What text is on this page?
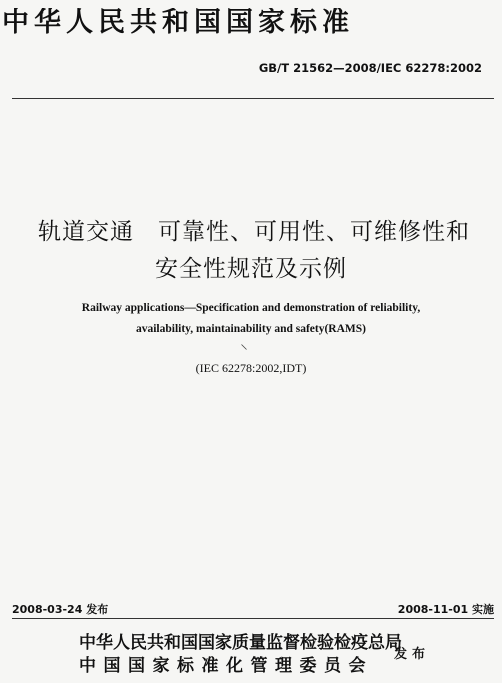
中华人民共和国国家标准
GB/T 21562—2008/IEC 62278:2002
轨道交通　可靠性、可用性、可维修性和
安全性规范及示例
Railway applications—Specification and demonstration of reliability,
availability, maintainability and safety(RAMS)
(IEC 62278:2002,IDT)
2008-03-24 发布	2008-11-01 实施
中华人民共和国国家质量监督检验检疫总局
中国国家标准化管理委员会
发布
